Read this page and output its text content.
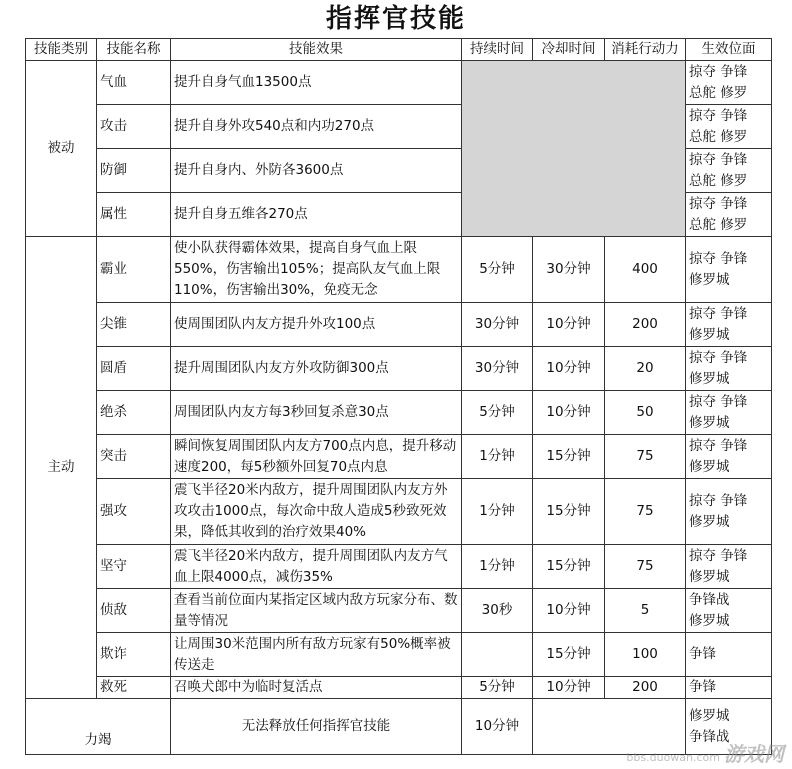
指挥官技能
技能类别	技能名称	技能效果	持续时间	冷却时间	消耗行动力	生效位面
被动	气血	提升自身气血13500点				掠夺 争锋
总舵 修罗

	攻击	提升自身外攻540点和内功270点				掠夺 争锋
总舵 修罗

	防御	提升自身内、外防各3600点				掠夺 争锋
总舵 修罗

	属性	提升自身五维各270点				掠夺 争锋
总舵 修罗

主动	霸业	使小队获得霸体效果，提高自身气血上限550%，伤害输出105%；提高队友气血上限110%，伤害输出30%，免疫无念	5分钟	30分钟	400	掠夺 争锋
修罗城

	尖锥	使周围团队内友方提升外攻100点	30分钟	10分钟	200	掠夺 争锋
修罗城

	圆盾	提升周围团队内友方外攻防御300点	30分钟	10分钟	20	掠夺 争锋
修罗城

	绝杀	周围团队内友方每3秒回复杀意30点	5分钟	10分钟	50	掠夺 争锋
修罗城

	突击	瞬间恢复周围团队内友方700点内息，提升移动速度200，每5秒额外回复70点内息	1分钟	15分钟	75	掠夺 争锋
修罗城

	强攻	震飞半径20米内敌方，提升周围团队内友方外攻攻击1000点，每次命中敌人造成5秒致死效果，降低其收到的治疗效果40%	1分钟	15分钟	75	掠夺 争锋
修罗城

	坚守	震飞半径20米内敌方，提升周围团队内友方气血上限4000点，减伤35%	1分钟	15分钟	75	掠夺 争锋
修罗城

	侦敌	查看当前位面内某指定区域内敌方玩家分布、数量等情况	30秒	10分钟	5	争锋战
修罗城

	欺诈	让周围30米范围内所有敌方玩家有50%概率被传送走		15分钟	100	争锋

	救死	召唤犬郎中为临时复活点	5分钟	10分钟	200	争锋

力竭		无法释放任何指挥官技能	10分钟			修罗城
争锋战
bbs.duowan.com 游戏网
